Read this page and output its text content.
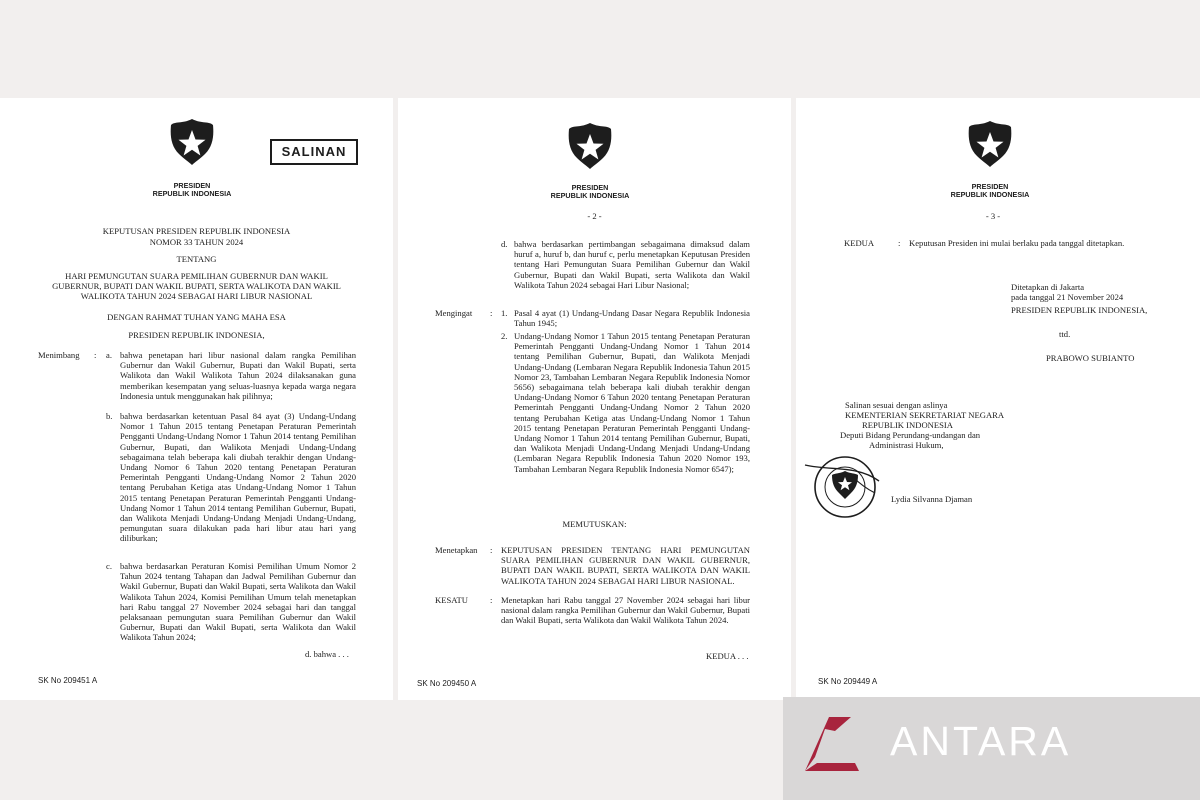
PRESIDEN
REPUBLIK INDONESIA
SALINAN
KEPUTUSAN PRESIDEN REPUBLIK INDONESIA
NOMOR 33 TAHUN 2024
TENTANG
HARI PEMUNGUTAN SUARA PEMILIHAN GUBERNUR DAN WAKIL
GUBERNUR, BUPATI DAN WAKIL BUPATI, SERTA WALIKOTA DAN WAKIL
WALIKOTA TAHUN 2024 SEBAGAI HARI LIBUR NASIONAL
DENGAN RAHMAT TUHAN YANG MAHA ESA
PRESIDEN REPUBLIK INDONESIA,
Menimbang : a. bahwa penetapan hari libur nasional dalam rangka Pemilihan Gubernur dan Wakil Gubernur, Bupati dan Wakil Bupati, serta Walikota dan Wakil Walikota Tahun 2024 dilaksanakan guna memberikan kesempatan yang seluas-luasnya kepada warga negara Indonesia untuk menggunakan hak pilihnya;
b. bahwa berdasarkan ketentuan Pasal 84 ayat (3) Undang-Undang Nomor 1 Tahun 2015 tentang Penetapan Peraturan Pemerintah Pengganti Undang-Undang Nomor 1 Tahun 2014 tentang Pemilihan Gubernur, Bupati, dan Walikota Menjadi Undang-Undang sebagaimana telah beberapa kali diubah terakhir dengan Undang-Undang Nomor 6 Tahun 2020 tentang Penetapan Peraturan Pemerintah Pengganti Undang-Undang Nomor 2 Tahun 2020 tentang Perubahan Ketiga atas Undang-Undang Nomor 1 Tahun 2015 tentang Penetapan Peraturan Pemerintah Pengganti Undang-Undang Nomor 1 Tahun 2014 tentang Pemilihan Gubernur, Bupati, dan Walikota Menjadi Undang-Undang Menjadi Undang-Undang, pemungutan suara dilakukan pada hari libur atau hari yang diliburkan;
c. bahwa berdasarkan Peraturan Komisi Pemilihan Umum Nomor 2 Tahun 2024 tentang Tahapan dan Jadwal Pemilihan Gubernur dan Wakil Gubernur, Bupati dan Wakil Bupati, serta Walikota dan Wakil Walikota Tahun 2024, Komisi Pemilihan Umum telah menetapkan hari Rabu tanggal 27 November 2024 sebagai hari dan tanggal pelaksanaan pemungutan suara Pemilihan Gubernur dan Wakil Gubernur, Bupati dan Wakil Bupati, serta Walikota dan Wakil Walikota Tahun 2024;
d. bahwa . . .
SK No 209451 A
PRESIDEN
REPUBLIK INDONESIA
- 2 -
d. bahwa berdasarkan pertimbangan sebagaimana dimaksud dalam huruf a, huruf b, dan huruf c, perlu menetapkan Keputusan Presiden tentang Hari Pemungutan Suara Pemilihan Gubernur dan Wakil Gubernur, Bupati dan Wakil Bupati, serta Walikota dan Wakil Walikota Tahun 2024 sebagai Hari Libur Nasional;
Mengingat : 1. Pasal 4 ayat (1) Undang-Undang Dasar Negara Republik Indonesia Tahun 1945;
2. Undang-Undang Nomor 1 Tahun 2015 tentang Penetapan Peraturan Pemerintah Pengganti Undang-Undang Nomor 1 Tahun 2014 tentang Pemilihan Gubernur, Bupati, dan Walikota Menjadi Undang-Undang (Lembaran Negara Republik Indonesia Tahun 2015 Nomor 23, Tambahan Lembaran Negara Republik Indonesia Nomor 5656) sebagaimana telah beberapa kali diubah terakhir dengan Undang-Undang Nomor 6 Tahun 2020 tentang Penetapan Peraturan Pemerintah Pengganti Undang-Undang Nomor 2 Tahun 2020 tentang Perubahan Ketiga atas Undang-Undang Nomor 1 Tahun 2015 tentang Penetapan Peraturan Pemerintah Pengganti Undang-Undang Nomor 1 Tahun 2014 tentang Pemilihan Gubernur, Bupati, dan Walikota Menjadi Undang-Undang Menjadi Undang-Undang (Lembaran Negara Republik Indonesia Tahun 2020 Nomor 193, Tambahan Lembaran Negara Republik Indonesia Nomor 6547);
MEMUTUSKAN:
Menetapkan : KEPUTUSAN PRESIDEN TENTANG HARI PEMUNGUTAN SUARA PEMILIHAN GUBERNUR DAN WAKIL GUBERNUR, BUPATI DAN WAKIL BUPATI, SERTA WALIKOTA DAN WAKIL WALIKOTA TAHUN 2024 SEBAGAI HARI LIBUR NASIONAL.
KESATU	: Menetapkan hari Rabu tanggal 27 November 2024 sebagai hari libur nasional dalam rangka Pemilihan Gubernur dan Wakil Gubernur, Bupati dan Wakil Bupati, serta Walikota dan Wakil Walikota Tahun 2024.
KEDUA . . .
SK No 209450 A
PRESIDEN
REPUBLIK INDONESIA
- 3 -
KEDUA	: Keputusan Presiden ini mulai berlaku pada tanggal ditetapkan.
Ditetapkan di Jakarta
pada tanggal 21 November 2024
PRESIDEN REPUBLIK INDONESIA,
ttd.
PRABOWO SUBIANTO
Salinan sesuai dengan aslinya
KEMENTERIAN SEKRETARIAT NEGARA
REPUBLIK INDONESIA
Deputi Bidang Perundang-undangan dan
Administrasi Hukum,
Lydia Silvanna Djaman
SK No 209449 A
ANTARA
